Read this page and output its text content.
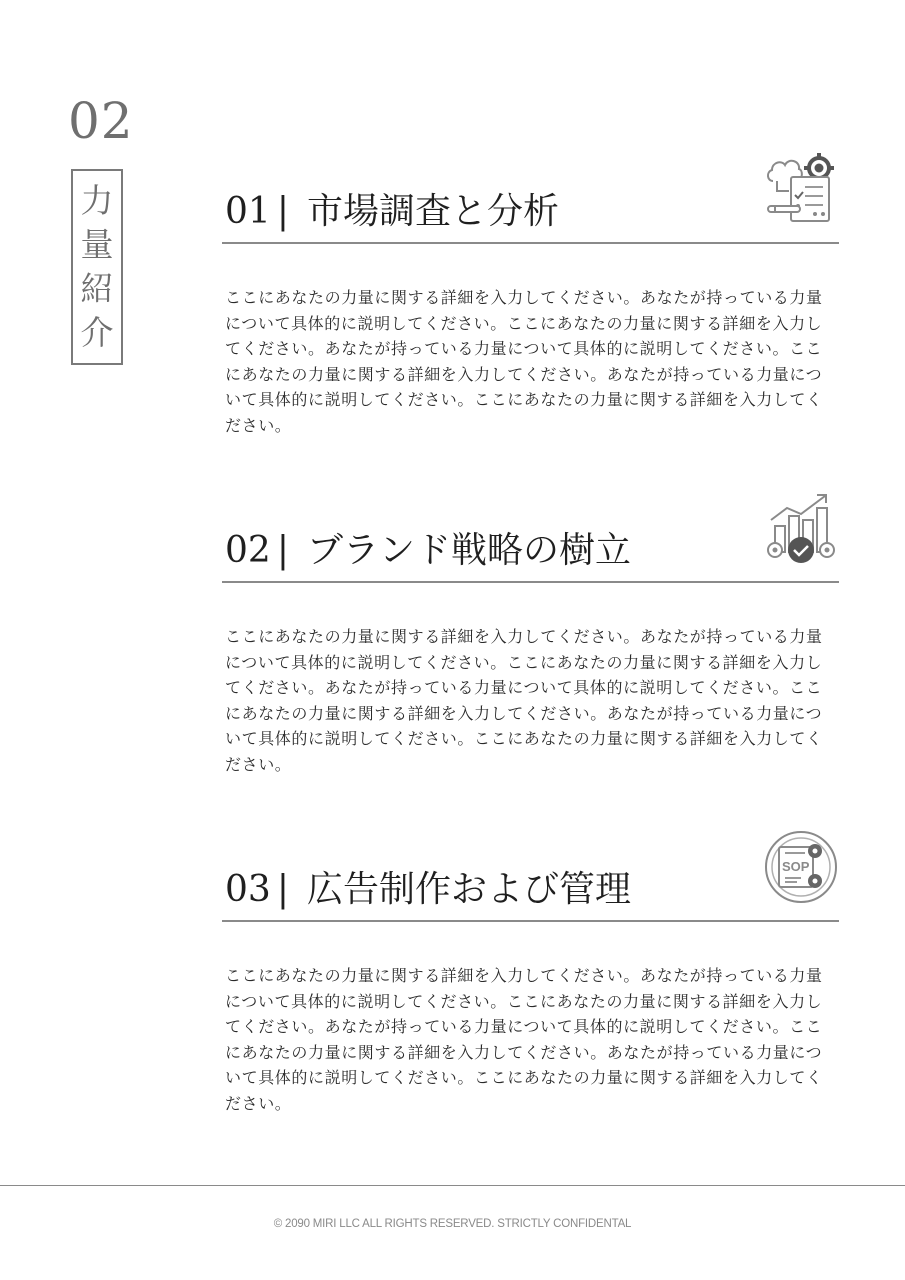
02
力
量
紹
介
01 | 市場調査と分析
ここにあなたの力量に関する詳細を入力してください。あなたが持っている力量について具体的に説明してください。ここにあなたの力量に関する詳細を入力してください。あなたが持っている力量について具体的に説明してください。ここにあなたの力量に関する詳細を入力してください。あなたが持っている力量について具体的に説明してください。ここにあなたの力量に関する詳細を入力してください。
02 | ブランド戦略の樹立
ここにあなたの力量に関する詳細を入力してください。あなたが持っている力量について具体的に説明してください。ここにあなたの力量に関する詳細を入力してください。あなたが持っている力量について具体的に説明してください。ここにあなたの力量に関する詳細を入力してください。あなたが持っている力量について具体的に説明してください。ここにあなたの力量に関する詳細を入力してください。
03 | 広告制作および管理
SOP
ここにあなたの力量に関する詳細を入力してください。あなたが持っている力量について具体的に説明してください。ここにあなたの力量に関する詳細を入力してください。あなたが持っている力量について具体的に説明してください。ここにあなたの力量に関する詳細を入力してください。あなたが持っている力量について具体的に説明してください。ここにあなたの力量に関する詳細を入力してください。
© 2090 MIRI LLC ALL RIGHTS RESERVED. STRICTLY CONFIDENTAL
